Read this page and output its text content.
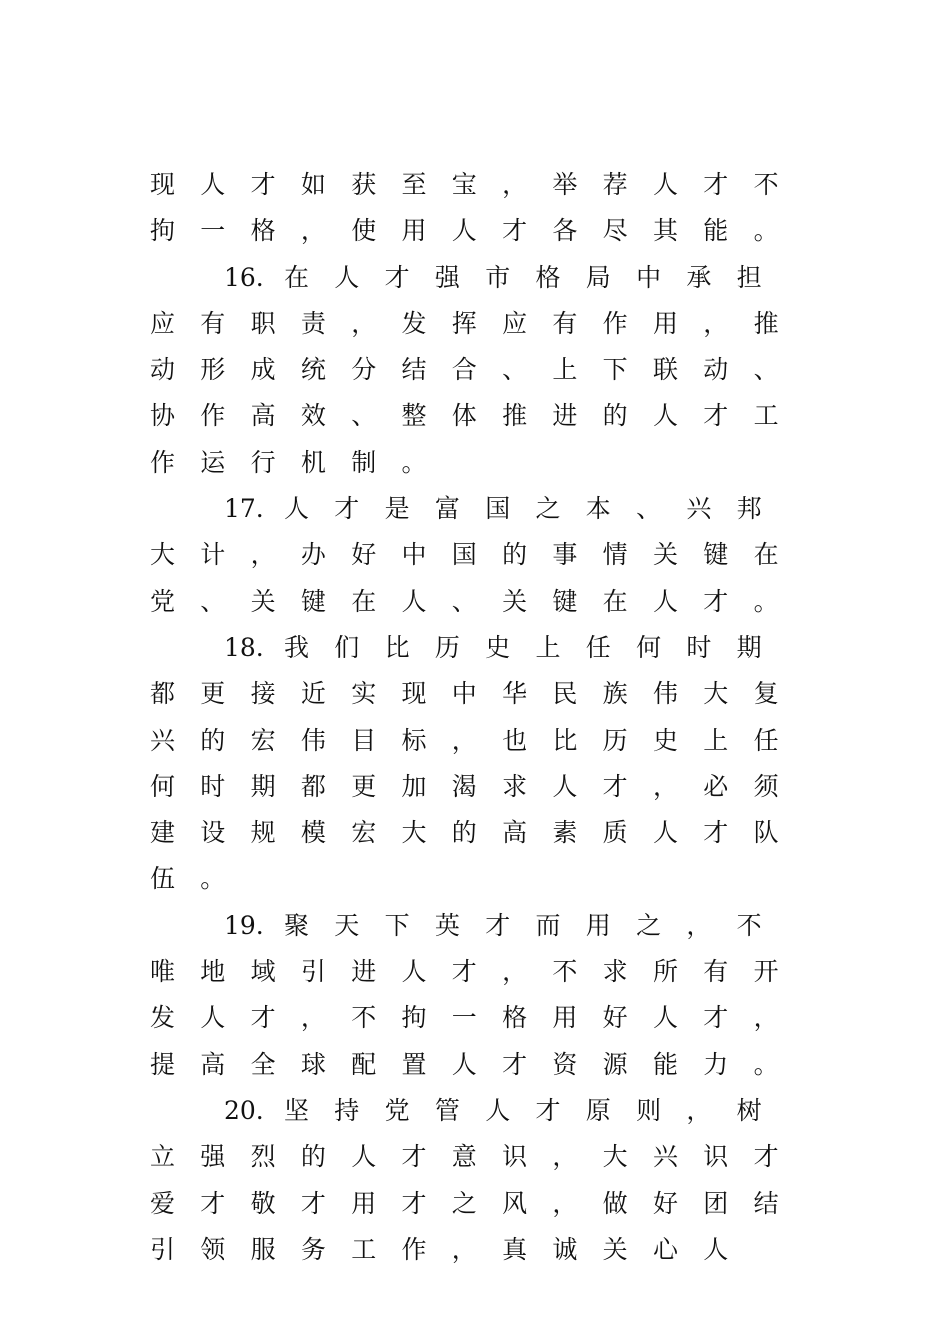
现 人 才 如 获 至 宝 ， 举 荐 人 才 不
拘 一 格 ， 使 用 人 才 各 尽 其 能 。
16. 在 人 才 强 市 格 局 中 承 担
应 有 职 责 ， 发 挥 应 有 作 用 ， 推
动 形 成 统 分 结 合 、 上 下 联 动 、
协 作 高 效 、 整 体 推 进 的 人 才 工
作 运 行 机 制 。
17. 人 才 是 富 国 之 本 、 兴 邦
大 计 ， 办 好 中 国 的 事 情 关 键 在
党 、 关 键 在 人 、 关 键 在 人 才 。
18. 我 们 比 历 史 上 任 何 时 期
都 更 接 近 实 现 中 华 民 族 伟 大 复
兴 的 宏 伟 目 标 ， 也 比 历 史 上 任
何 时 期 都 更 加 渴 求 人 才 ， 必 须
建 设 规 模 宏 大 的 高 素 质 人 才 队
伍 。
19. 聚 天 下 英 才 而 用 之 ， 不
唯 地 域 引 进 人 才 ， 不 求 所 有 开
发 人 才 ， 不 拘 一 格 用 好 人 才 ，
提 高 全 球 配 置 人 才 资 源 能 力 。
20. 坚 持 党 管 人 才 原 则 ， 树
立 强 烈 的 人 才 意 识 ， 大 兴 识 才
爱 才 敬 才 用 才 之 风 ， 做 好 团 结
引 领 服 务 工 作 ， 真 诚 关 心 人
